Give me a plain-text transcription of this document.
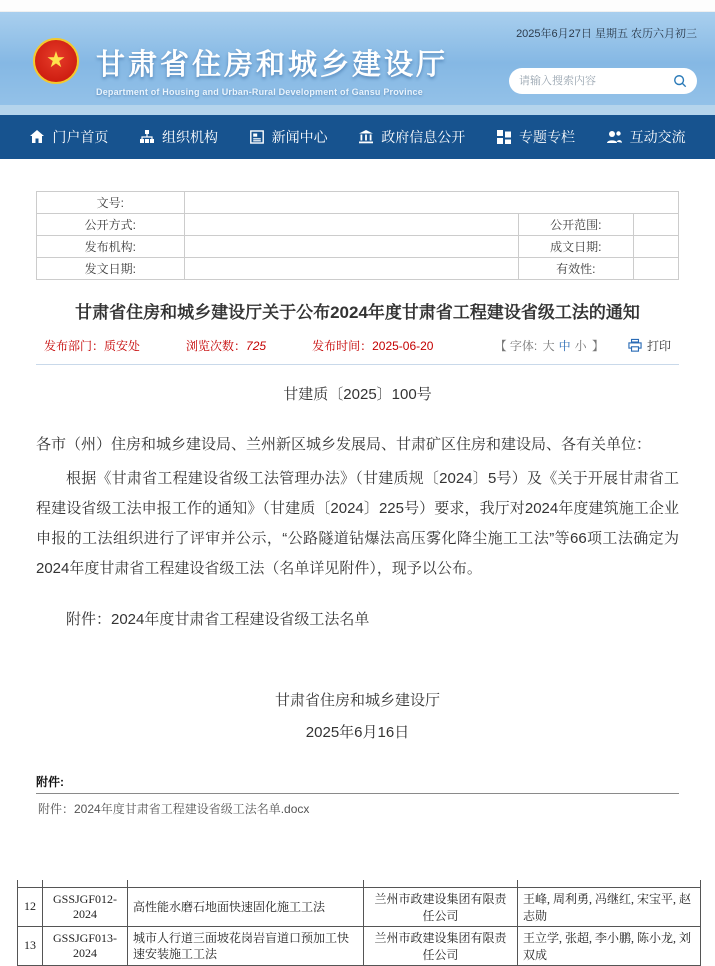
★ 甘肃省住房和城乡建设厅
Department of Housing and Urban-Rural Development of Gansu Province
2025年6月27日 星期五 农历六月初三
请输入搜索内容
门户首页	组织机构	新闻中心	政府信息公开	专题专栏	互动交流
文号:			
公开方式:		公开范围:	
发布机构:		成文日期:	
发文日期:		有效性:	
甘肃省住房和城乡建设厅关于公布2024年度甘肃省工程建设省级工法的通知
发布部门：质安处	浏览次数：725	发布时间：2025-06-20	【 字体: 大 中 小 】	打印
甘建质〔2025〕100号
各市（州）住房和城乡建设局、兰州新区城乡发展局、甘肃矿区住房和建设局、各有关单位：
根据《甘肃省工程建设省级工法管理办法》（甘建质规〔2024〕5号）及《关于开展甘肃省工程建设省级工法申报工作的通知》（甘建质〔2024〕225号）要求，我厅对2024年度建筑施工企业申报的工法组织进行了评审并公示，“公路隧道钻爆法高压雾化降尘施工工法”等66项工法确定为2024年度甘肃省工程建设省级工法（名单详见附件），现予以公布。
附件：2024年度甘肃省工程建设省级工法名单
甘肃省住房和城乡建设厅
2025年6月16日
附件:
附件：2024年度甘肃省工程建设省级工法名单.docx

12	GSSJGF012-2024	高性能水磨石地面快速固化施工工法	兰州市政建设集团有限责任公司	王峰, 周利勇, 冯继红, 宋宝平, 赵志勋
13	GSSJGF013-2024	城市人行道三面坡花岗岩盲道口预加工快速安装施工工法	兰州市政建设集团有限责任公司	王立学, 张超, 李小鹏, 陈小龙, 刘双成
